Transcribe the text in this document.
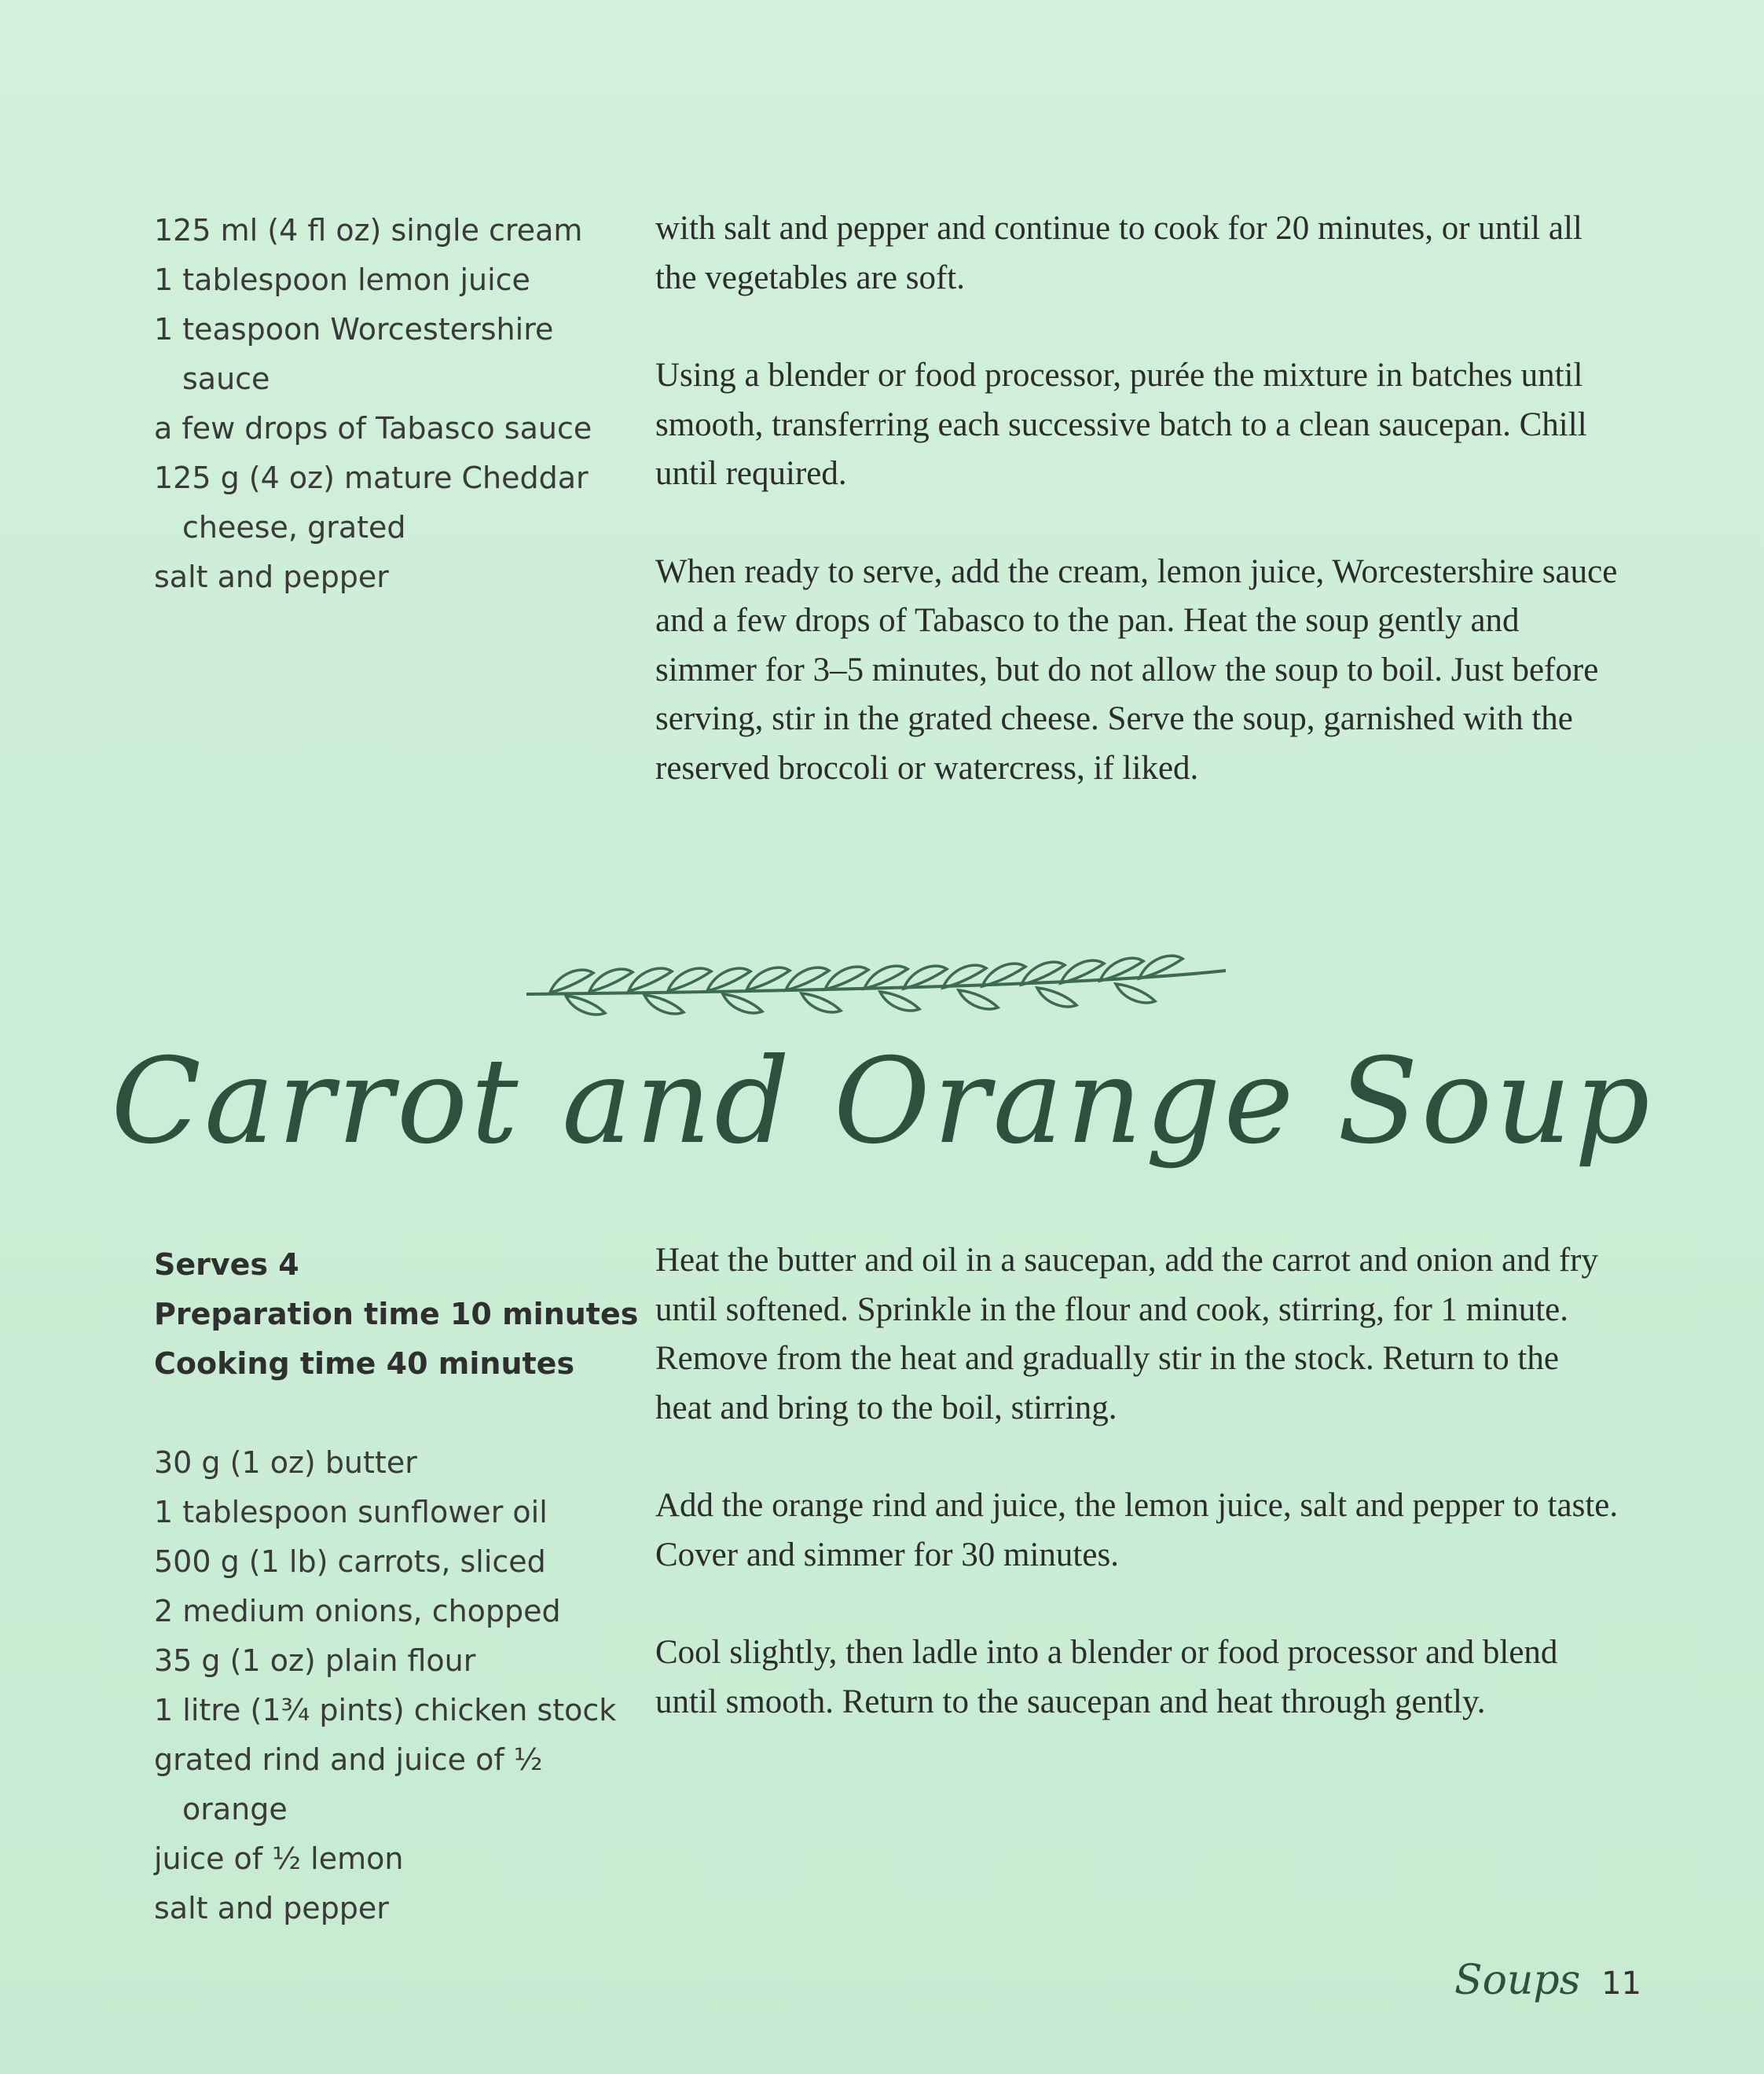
125 ml (4 fl oz) single cream
1 tablespoon lemon juice
1 teaspoon Worcestershire sauce
a few drops of Tabasco sauce
125 g (4 oz) mature Cheddar cheese, grated
salt and pepper

with salt and pepper and continue to cook for 20 minutes, or until all the vegetables are soft.

Using a blender or food processor, purée the mixture in batches until smooth, transferring each successive batch to a clean saucepan. Chill until required.

When ready to serve, add the cream, lemon juice, Worcestershire sauce and a few drops of Tabasco to the pan. Heat the soup gently and simmer for 3–5 minutes, but do not allow the soup to boil. Just before serving, stir in the grated cheese. Serve the soup, garnished with the reserved broccoli or watercress, if liked.

Carrot and Orange Soup
Serves 4
Preparation time 10 minutes
Cooking time 40 minutes
30 g (1 oz) butter
1 tablespoon sunflower oil
500 g (1 lb) carrots, sliced
2 medium onions, chopped
35 g (1 oz) plain flour
1 litre (1¾ pints) chicken stock
grated rind and juice of ½ orange
juice of ½ lemon
salt and pepper

Heat the butter and oil in a saucepan, add the carrot and onion and fry until softened. Sprinkle in the flour and cook, stirring, for 1 minute. Remove from the heat and gradually stir in the stock. Return to the heat and bring to the boil, stirring.

Add the orange rind and juice, the lemon juice, salt and pepper to taste. Cover and simmer for 30 minutes.

Cool slightly, then ladle into a blender or food processor and blend until smooth. Return to the saucepan and heat through gently.

Soups 11
